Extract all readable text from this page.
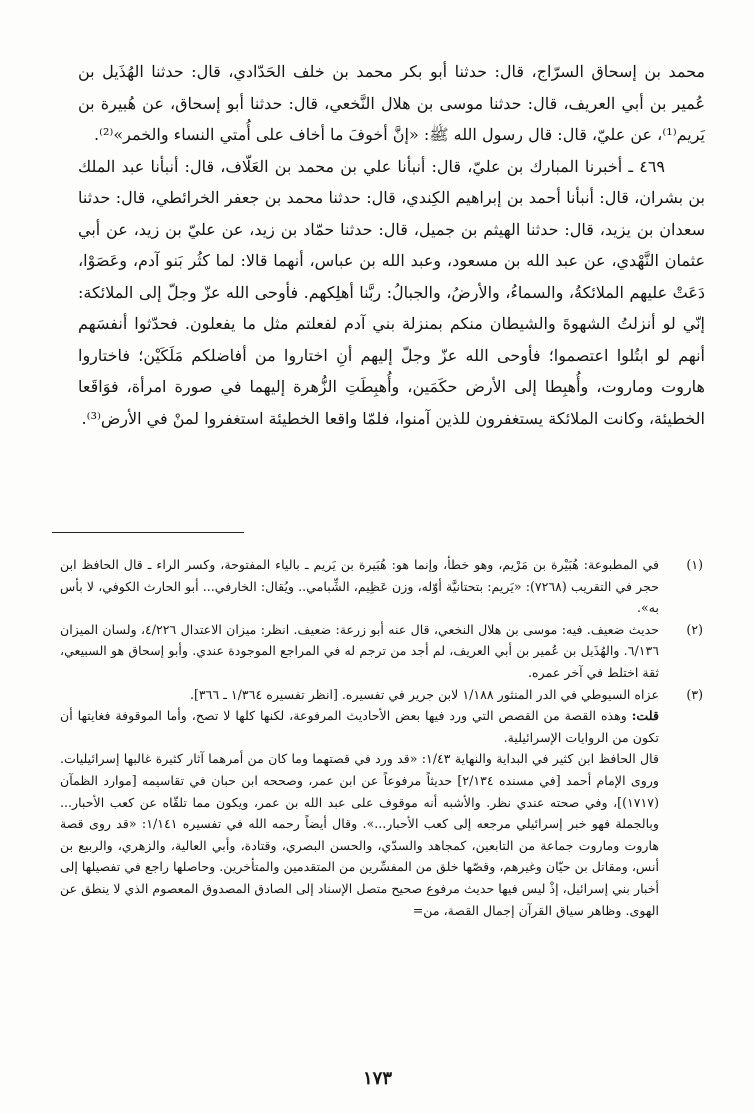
محمد بن إسحاق السرّاج، قال: حدثنا أبو بكر محمد بن خلف الحَدّادي، قال: حدثنا الهُذَيل بن عُمير بن أبي العريف، قال: حدثنا موسى بن هلال النَّخعي، قال: حدثنا أبو إسحاق، عن هُبيرة بن يَريم⁽¹⁾، عن عليّ، قال: قال رسول الله ﷺ: «إنَّ أخوفَ ما أخاف على أُمتي النساء والخمر»⁽²⁾.

٤٦٩ ـ أخبرنا المبارك بن عليّ، قال: أنبأنا علي بن محمد بن العَلّاف، قال: أنبأنا عبد الملك بن بشران، قال: أنبأنا أحمد بن إبراهيم الكِندي، قال: حدثنا محمد بن جعفر الخرائطي، قال: حدثنا سعدان بن يزيد، قال: حدثنا الهيثم بن جميل، قال: حدثنا حمّاد بن زيد، عن عليّ بن زيد، عن أبي عثمان النَّهْدي، عن عبد الله بن مسعود، وعبد الله بن عباس، أنهما قالا: لما كثُر بَنو آدم، وعَصَوْا، دَعَتْ عليهم الملائكةُ، والسماءُ، والأرضُ، والجبالُ: ربَّنا أهلِكهم. فأوحى الله عزّ وجلّ إلى الملائكة: إنّي لو أنزلتُ الشهوةَ والشيطان منكم بمنزلة بني آدم لفعلتم مثل ما يفعلون. فحدّثوا أنفسَهم أنهم لو ابتُلوا اعتصموا؛ فأوحى الله عزّ وجلّ إليهم أنِ اختاروا من أفاضلكم مَلَكَيْن؛ فاختاروا هاروت وماروت، وأُهبِطا إلى الأرض حكَمَين، وأُهبِطَتِ الزُّهرة إليهما في صورة امرأة، فوَاقَعا الخطيئة، وكانت الملائكة يستغفرون للذين آمنوا، فلمّا واقعا الخطيئة استغفروا لمنْ في الأرض⁽³⁾.

(١)

في المطبوعة: هُبَيْرة بن مَرْيم، وهو خطأ، وإنما هو: هُبَيرة بن يَريم ـ بالياء المفتوحة، وكسر الراء ـ قال الحافظ ابن حجر في التقريب (٧٢٦٨): «يَريم: بتحتانيَّة أوّله، وزن عَظِيم، الشِّبامي.. ويُقال: الخارفي... أبو الحارث الكوفي، لا بأس به».

(٢)

حديث ضعيف. فيه: موسى بن هلال النخعي، قال عنه أبو زرعة: ضعيف. انظر: ميزان الاعتدال ٤/٢٢٦، ولسان الميزان ٦/١٣٦. والهُذَيل بن عُمير بن أبي العريف، لم أجد من ترجم له في المراجع الموجودة عندي. وأبو إسحاق هو السبيعي، ثقة اختلط في آخر عمره.

(٣)

عزاه السيوطي في الدر المنثور ١/١٨٨ لابن جرير في تفسيره. [انظر تفسيره ١/٣٦٤ ـ ٣٦٦].

قلت: وهذه القصة من القصص التي ورد فيها بعض الأحاديث المرفوعة، لكنها كلها لا تصح، وأما الموقوفة فغايتها أن تكون من الروايات الإسرائيلية.

قال الحافظ ابن كثير في البداية والنهاية ١/٤٣: «قد ورد في قصتهما وما كان من أمرهما آثار كثيرة غالبها إسرائيليات. وروى الإمام أحمد [في مسنده ٢/١٣٤] حديثاً مرفوعاً عن ابن عمر، وصححه ابن حبان في تقاسيمه [موارد الظمآن (١٧١٧)]، وفي صحته عندي نظر. والأشبه أنه موقوف على عبد الله بن عمر، ويكون مما تلقّاه عن كعب الأحبار... وبالجملة فهو خبر إسرائيلي مرجعه إلى كعب الأحبار...». وقال أيضاً رحمه الله في تفسيره ١/١٤١: «قد روى قصة هاروت وماروت جماعة من التابعين، كمجاهد والسدّي، والحسن البصري، وقتادة، وأبي العالية، والزهري، والربيع بن أنس، ومقاتل بن حيّان وغيرهم، وقصّها خلق من المفسِّرين من المتقدمين والمتأخرين. وحاصلها راجع في تفصيلها إلى أخبار بني إسرائيل، إذْ ليس فيها حديث مرفوع صحيح متصل الإسناد إلى الصادق المصدوق المعصوم الذي لا ينطق عن الهوى. وظاهر سياق القرآن إجمال القصة، من=

١٧٣
